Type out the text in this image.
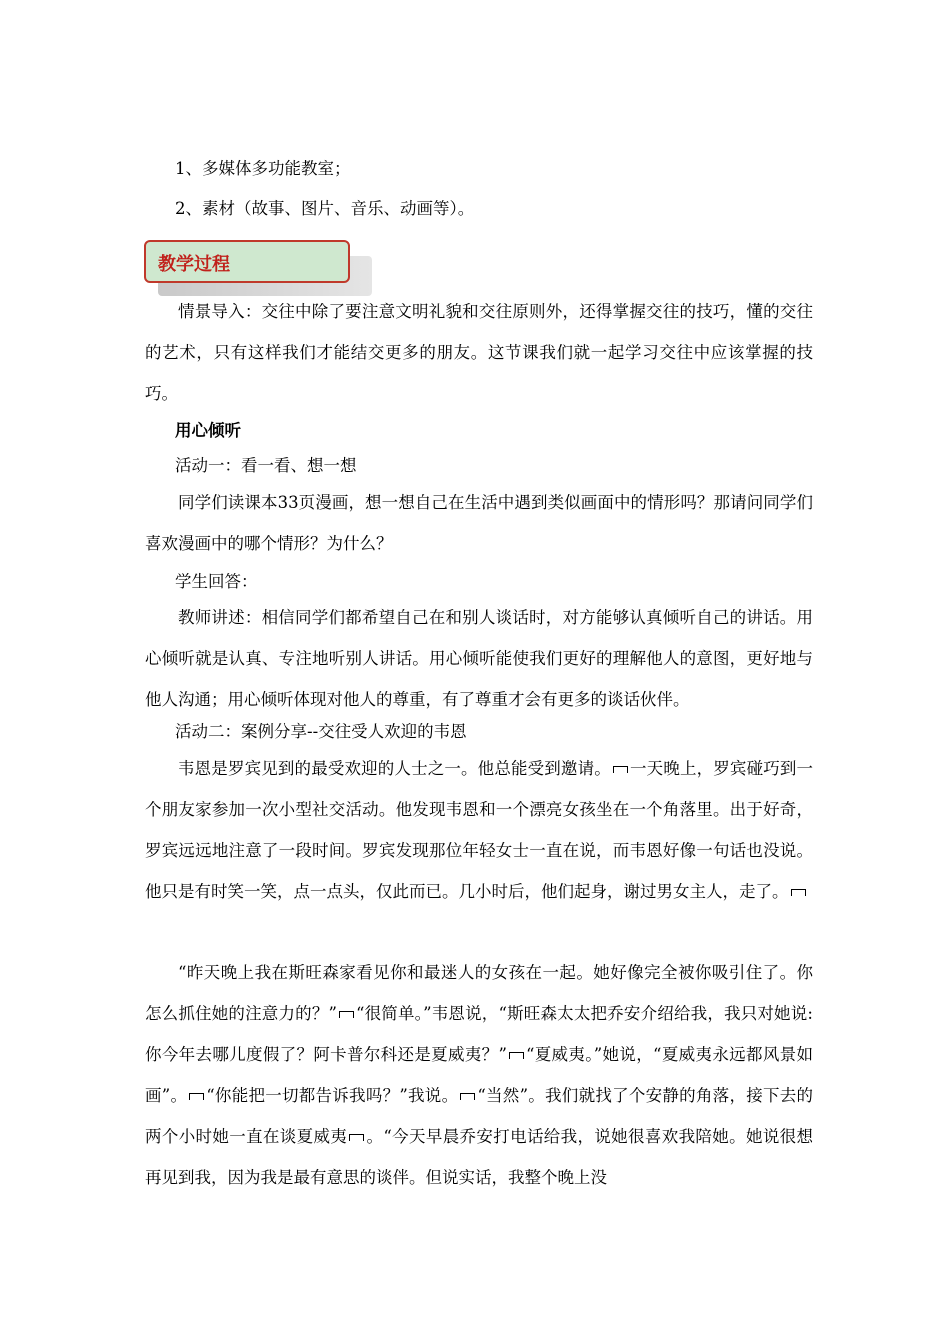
1、多媒体多功能教室；
2、素材（故事、图片、音乐、动画等）。
教学过程
情景导入：交往中除了要注意文明礼貌和交往原则外，还得掌握交往的技巧，懂的交往的艺术，只有这样我们才能结交更多的朋友。这节课我们就一起学习交往中应该掌握的技巧。
用心倾听
活动一：看一看、想一想
同学们读课本33页漫画，想一想自己在生活中遇到类似画面中的情形吗？那请问同学们喜欢漫画中的哪个情形？为什么？
学生回答：
教师讲述：相信同学们都希望自己在和别人谈话时，对方能够认真倾听自己的讲话。用心倾听就是认真、专注地听别人讲话。用心倾听能使我们更好的理解他人的意图，更好地与他人沟通；用心倾听体现对他人的尊重，有了尊重才会有更多的谈话伙伴。
活动二：案例分享--交往受人欢迎的韦恩
韦恩是罗宾见到的最受欢迎的人士之一。他总能受到邀请。 一天晚上，罗宾碰巧到一个朋友家参加一次小型社交活动。他发现韦恩和一个漂亮女孩坐在一个角落里。出于好奇，罗宾远远地注意了一段时间。罗宾发现那位年轻女士一直在说，而韦恩好像一句话也没说。他只是有时笑一笑，点一点头，仅此而已。几小时后，他们起身，谢过男女主人，走了。
“昨天晚上我在斯旺森家看见你和最迷人的女孩在一起。她好像完全被你吸引住了。你怎么抓住她的注意力的？” “很简单。”韦恩说，“斯旺森太太把乔安介绍给我，我只对她说:你今年去哪儿度假了？阿卡普尔科还是夏威夷？” “夏威夷。”她说，“夏威夷永远都风景如画”。 “你能把一切都告诉我吗？”我说。 “当然”。我们就找了个安静的角落，接下去的两个小时她一直在谈夏威夷 。“今天早晨乔安打电话给我，说她很喜欢我陪她。她说很想再见到我，因为我是最有意思的谈伴。但说实话，我整个晚上没
